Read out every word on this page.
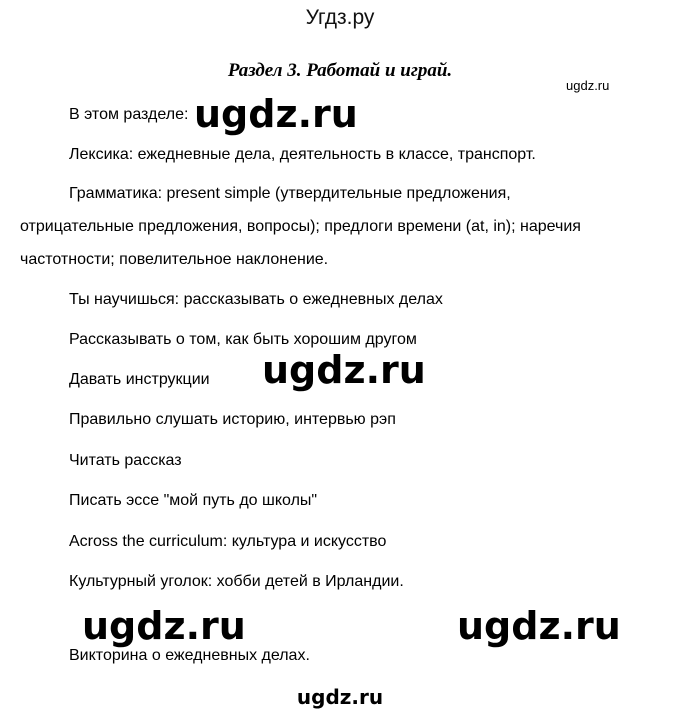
Угдз.ру
Раздел 3. Работай и играй.
ugdz.ru
В этом разделе:
Лексика: ежедневные дела, деятельность в классе, транспорт.
Грамматика: present simple (утвердительные предложения,
отрицательные предложения, вопросы); предлоги времени (at, in); наречия
частотности; повелительное наклонение.
Ты научишься: рассказывать о ежедневных делах
Рассказывать о том, как быть хорошим другом
Давать инструкции
Правильно слушать историю, интервью рэп
Читать рассказ
Писать эссе "мой путь до школы"
Across the curriculum: культура и искусство
Культурный уголок: хобби детей в Ирландии.
Викторина о ежедневных делах.
ugdz.ru
ugdz.ru
ugdz.ru	ugdz.ru
ugdz.ru
